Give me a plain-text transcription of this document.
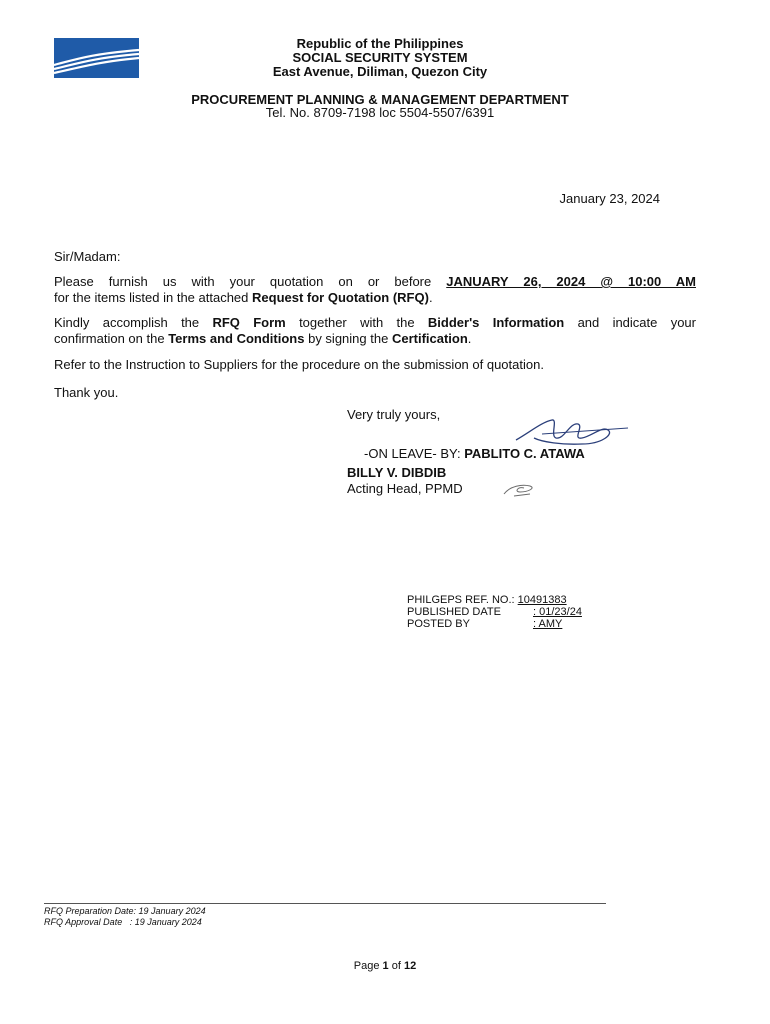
Republic of the Philippines
SOCIAL SECURITY SYSTEM
East Avenue, Diliman, Quezon City
PROCUREMENT PLANNING & MANAGEMENT DEPARTMENT
Tel. No. 8709-7198 loc 5504-5507/6391
January 23, 2024
Sir/Madam:
Please furnish us with your quotation on or before JANUARY 26, 2024 @ 10:00 AM
for the items listed in the attached Request for Quotation (RFQ).
Kindly accomplish the RFQ Form together with the Bidder's Information and indicate your
confirmation on the Terms and Conditions by signing the Certification.
Refer to the Instruction to Suppliers for the procedure on the submission of quotation.
Thank you.
Very truly yours,
-ON LEAVE- BY: PABLITO C. ATAWA
BILLY V. DIBDIB
Acting Head, PPMD
PHILGEPS REF. NO.:
10491383
PUBLISHED DATE	: 01/23/24
POSTED BY	: AMY
RFQ Preparation Date: 19 January 2024
RFQ Approval Date   : 19 January 2024
Page 1 of 12
